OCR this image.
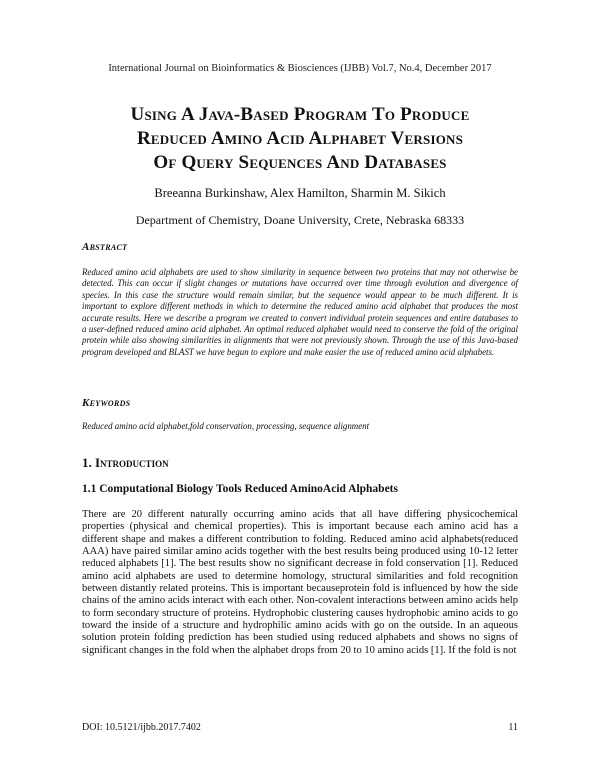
International Journal on Bioinformatics & Biosciences (IJBB) Vol.7, No.4, December 2017
Using A Java-Based Program To Produce
Reduced Amino Acid Alphabet Versions
Of Query Sequences And Databases
Breeanna Burkinshaw, Alex Hamilton, Sharmin M. Sikich
Department of Chemistry, Doane University, Crete, Nebraska 68333
Abstract
Reduced amino acid alphabets are used to show similarity in sequence between two proteins that may not otherwise be detected. This can occur if slight changes or mutations have occurred over time through evolution and divergence of species. In this case the structure would remain similar, but the sequence would appear to be much different. It is important to explore different methods in which to determine the reduced amino acid alphabet that produces the most accurate results. Here we describe a program we created to convert individual protein sequences and entire databases to a user-defined reduced amino acid alphabet. An optimal reduced alphabet would need to conserve the fold of the original protein while also showing similarities in alignments that were not previously shown. Through the use of this Java-based program developed and BLAST we have begun to explore and make easier the use of reduced amino acid alphabets.
Keywords
Reduced amino acid alphabet,fold conservation, processing, sequence alignment
1. Introduction
1.1 Computational Biology Tools Reduced AminoAcid Alphabets
There are 20 different naturally occurring amino acids that all have differing physicochemical properties (physical and chemical properties). This is important because each amino acid has a different shape and makes a different contribution to folding. Reduced amino acid alphabets(reduced AAA) have paired similar amino acids together with the best results being produced using 10-12 letter reduced alphabets [1]. The best results show no significant decrease in fold conservation [1]. Reduced amino acid alphabets are used to determine homology, structural similarities and fold recognition between distantly related proteins. This is important becauseprotein fold is influenced by how the side chains of the amino acids interact with each other. Non-covalent interactions between amino acids help to form secondary structure of proteins. Hydrophobic clustering causes hydrophobic amino acids to go toward the inside of a structure and hydrophilic amino acids with go on the outside. In an aqueous solution protein folding prediction has been studied using reduced alphabets and shows no signs of significant changes in the fold when the alphabet drops from 20 to 10 amino acids [1]. If the fold is not
DOI: 10.5121/ijbb.2017.7402	11
